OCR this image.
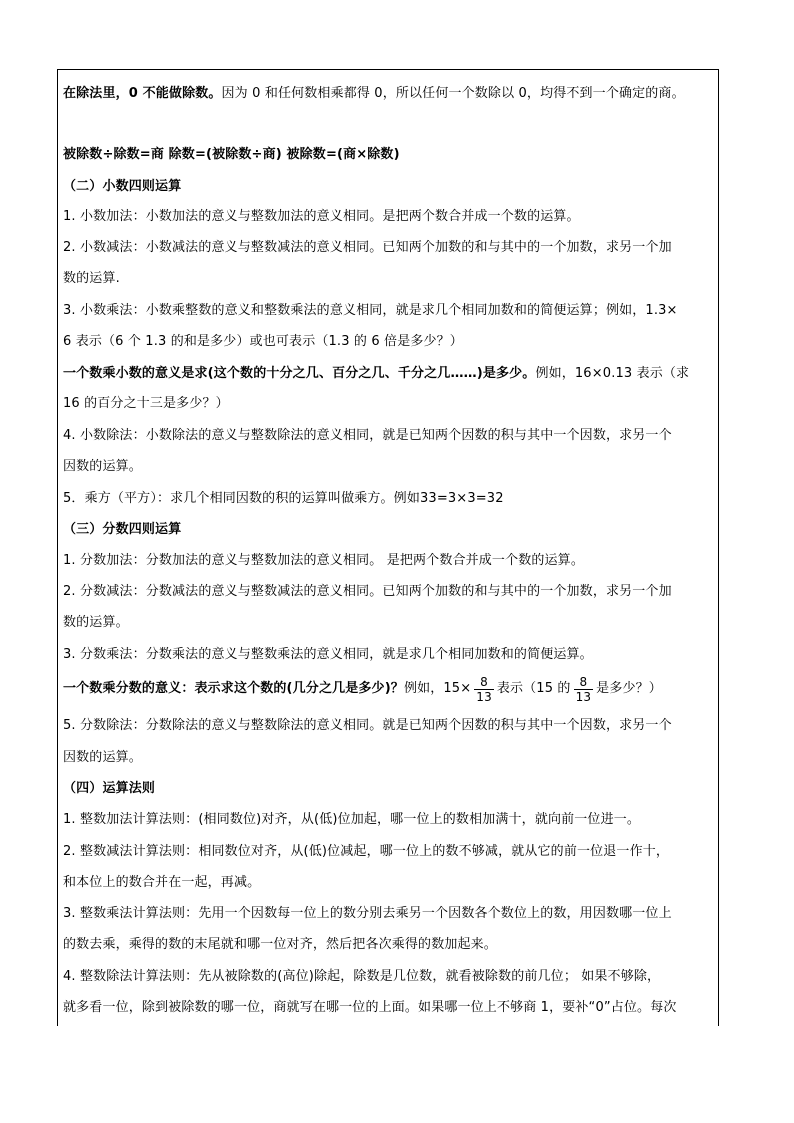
在除法里，0 不能做除数。因为 0 和任何数相乘都得 0，所以任何一个数除以 0，均得不到一个确定的商。
被除数÷除数=商 除数=(被除数÷商) 被除数=(商×除数)
（二）小数四则运算
1. 小数加法：小数加法的意义与整数加法的意义相同。是把两个数合并成一个数的运算。
2. 小数减法：小数减法的意义与整数减法的意义相同。已知两个加数的和与其中的一个加数，求另一个加
数的运算.
3. 小数乘法：小数乘整数的意义和整数乘法的意义相同，就是求几个相同加数和的简便运算；例如，1.3×
6 表示（6 个 1.3 的和是多少）或也可表示（1.3 的 6 倍是多少？）
一个数乘小数的意义是求(这个数的十分之几、百分之几、千分之几……)是多少。例如，16×0.13 表示（求
16 的百分之十三是多少？）
4. 小数除法：小数除法的意义与整数除法的意义相同，就是已知两个因数的积与其中一个因数，求另一个
因数的运算。
5．乘方（平方）：求几个相同因数的积的运算叫做乘方。例如33=3×3=32
（三）分数四则运算
1. 分数加法：分数加法的意义与整数加法的意义相同。 是把两个数合并成一个数的运算。
2. 分数减法：分数减法的意义与整数减法的意义相同。已知两个加数的和与其中的一个加数，求另一个加
数的运算。
3. 分数乘法：分数乘法的意义与整数乘法的意义相同，就是求几个相同加数和的简便运算。
一个数乘分数的意义：表示求这个数的(几分之几是多少)？ 例如，$15\times \frac{8}{13}$ 表示（15 的 $\frac{8}{13}$ 是多少？）
5. 分数除法：分数除法的意义与整数除法的意义相同。就是已知两个因数的积与其中一个因数，求另一个
因数的运算。
（四）运算法则
1. 整数加法计算法则：(相同数位)对齐，从(低)位加起，哪一位上的数相加满十，就向前一位进一。
2. 整数减法计算法则：相同数位对齐，从(低)位减起，哪一位上的数不够减，就从它的前一位退一作十，
和本位上的数合并在一起，再减。
3. 整数乘法计算法则：先用一个因数每一位上的数分别去乘另一个因数各个数位上的数，用因数哪一位上
的数去乘，乘得的数的末尾就和哪一位对齐，然后把各次乘得的数加起来。
4. 整数除法计算法则：先从被除数的(高位)除起，除数是几位数，就看被除数的前几位； 如果不够除，
就多看一位，除到被除数的哪一位，商就写在哪一位的上面。如果哪一位上不够商 1，要补“0”占位。每次
